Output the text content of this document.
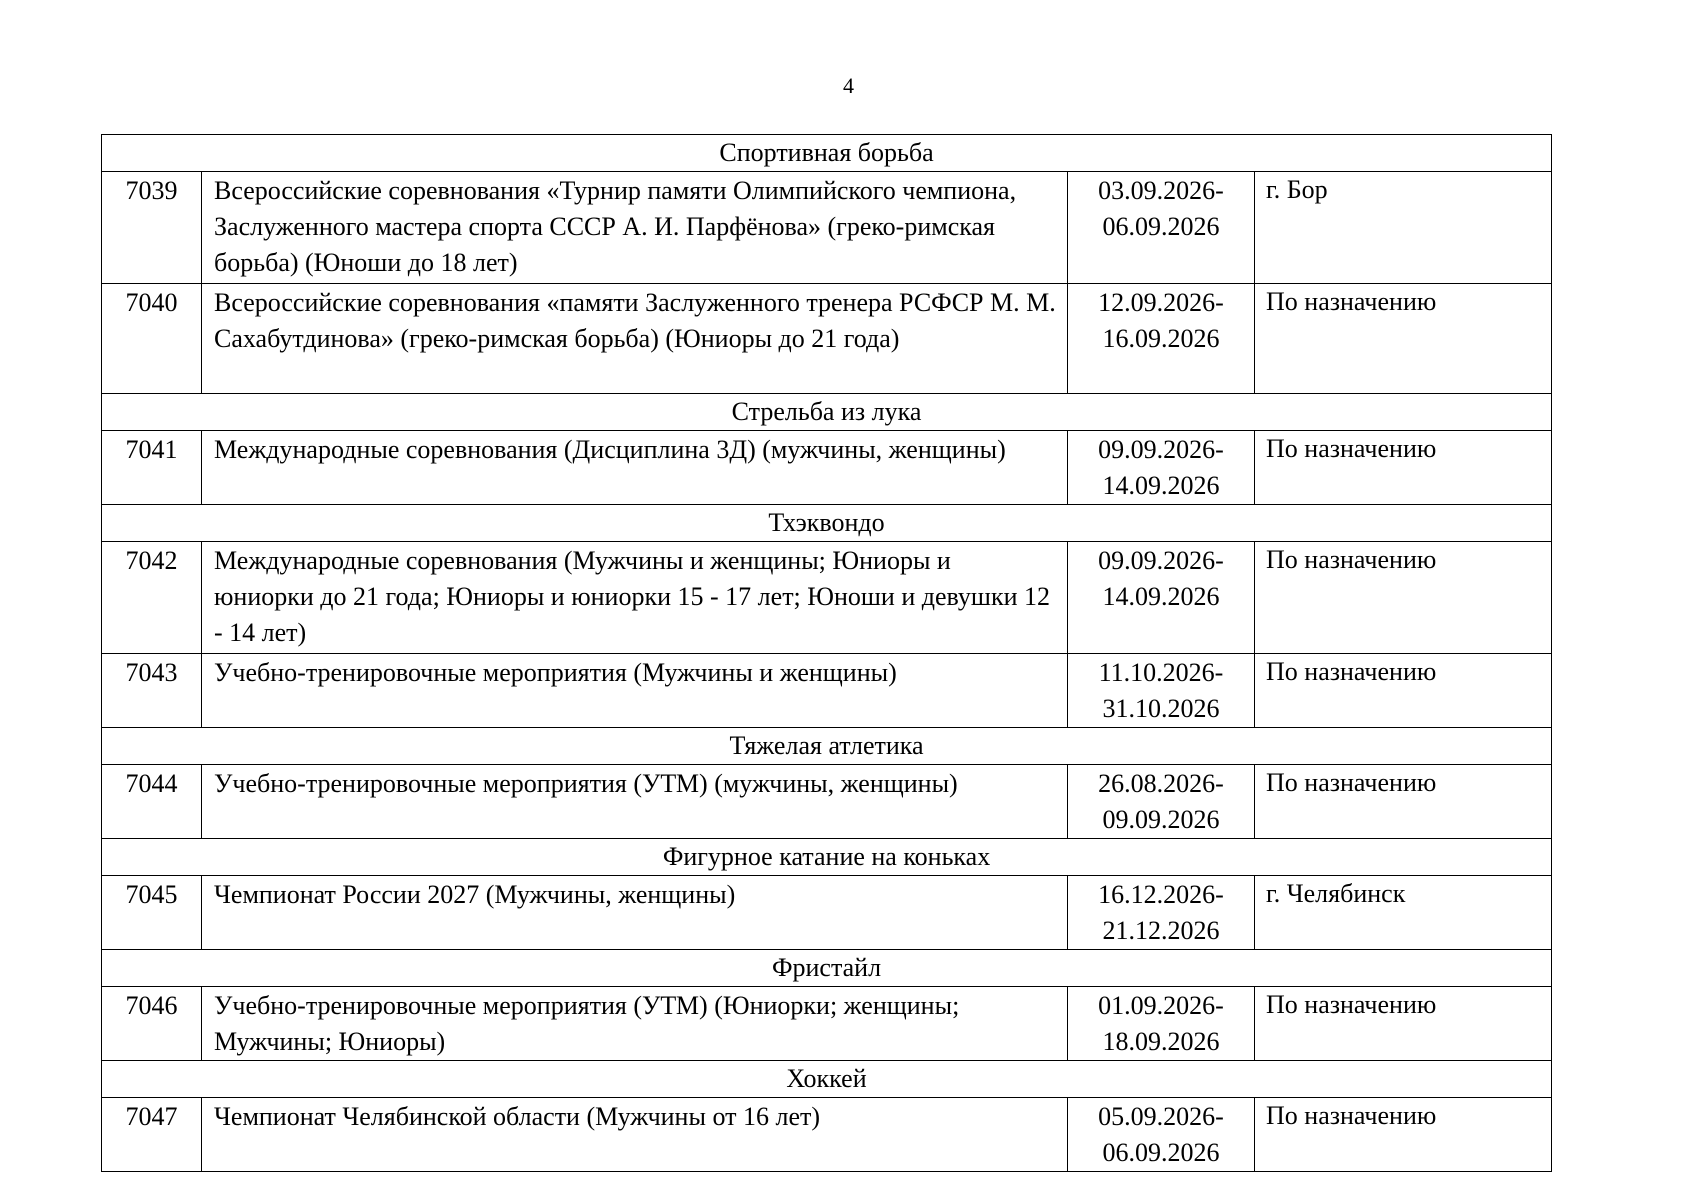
4
Спортивная борьба			
7039	Всероссийские соревнования «Турнир памяти Олимпийского чемпиона, Заслуженного мастера спорта СССР А. И. Парфёнова» (греко-римская борьба) (Юноши до 18 лет)	03.09.2026-06.09.2026	г. Бор
7040	Всероссийские соревнования «памяти Заслуженного тренера РСФСР М. М. Сахабутдинова» (греко-римская борьба) (Юниоры до 21 года)	12.09.2026-16.09.2026	По назначению
Стрельба из лука			
7041	Международные соревнования (Дисциплина 3Д) (мужчины, женщины)	09.09.2026-14.09.2026	По назначению
Тхэквондо			
7042	Международные соревнования (Мужчины и женщины; Юниоры и юниорки до 21 года; Юниоры и юниорки 15 - 17 лет; Юноши и девушки 12 - 14 лет)	09.09.2026-14.09.2026	По назначению
7043	Учебно-тренировочные мероприятия (Мужчины и женщины)	11.10.2026-31.10.2026	По назначению
Тяжелая атлетика			
7044	Учебно-тренировочные мероприятия (УТМ) (мужчины, женщины)	26.08.2026-09.09.2026	По назначению
Фигурное катание на коньках			
7045	Чемпионат России 2027 (Мужчины, женщины)	16.12.2026-21.12.2026	г. Челябинск
Фристайл			
7046	Учебно-тренировочные мероприятия (УТМ) (Юниорки; женщины; Мужчины; Юниоры)	01.09.2026-18.09.2026	По назначению
Хоккей			
7047	Чемпионат Челябинской области (Мужчины от 16 лет)	05.09.2026-06.09.2026	По назначению
